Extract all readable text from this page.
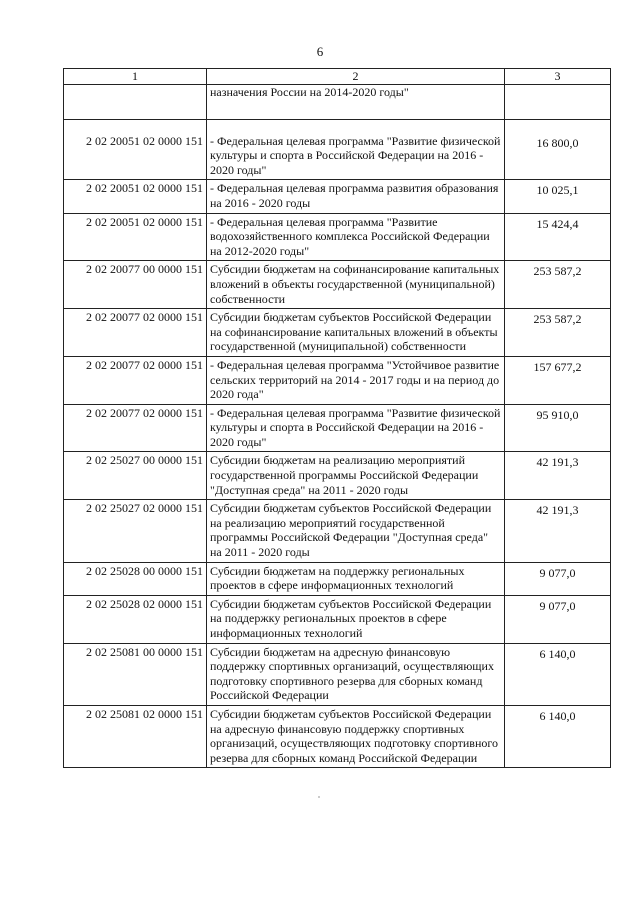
6
1	2	3
	назначения России на 2014-2020 годы"	
2 02 20051 02 0000 151	- Федеральная целевая программа "Развитие физической культуры и спорта в Российской Федерации на 2016 - 2020 годы"	16 800,0
2 02 20051 02 0000 151	- Федеральная целевая программа развития образования на 2016 - 2020 годы	10 025,1
2 02 20051 02 0000 151	- Федеральная целевая программа "Развитие водохозяйственного комплекса Российской Федерации на 2012-2020 годы"	15 424,4
2 02 20077 00 0000 151	Субсидии бюджетам на софинансирование капитальных вложений в объекты государственной (муниципальной) собственности	253 587,2
2 02 20077 02 0000 151	Субсидии бюджетам субъектов Российской Федерации на софинансирование капитальных вложений в объекты государственной (муниципальной) собственности	253 587,2
2 02 20077 02 0000 151	- Федеральная целевая программа "Устойчивое развитие сельских территорий на 2014 - 2017 годы и на период до 2020 года"	157 677,2
2 02 20077 02 0000 151	- Федеральная целевая программа "Развитие физической культуры и спорта в Российской Федерации на 2016 - 2020 годы"	95 910,0
2 02 25027 00 0000 151	Субсидии бюджетам на реализацию мероприятий государственной программы Российской Федерации "Доступная среда" на 2011 - 2020 годы	42 191,3
2 02 25027 02 0000 151	Субсидии бюджетам субъектов Российской Федерации на реализацию мероприятий государственной программы Российской Федерации "Доступная среда" на 2011 - 2020 годы	42 191,3
2 02 25028 00 0000 151	Субсидии бюджетам на поддержку региональных проектов в сфере информационных технологий	9 077,0
2 02 25028 02 0000 151	Субсидии бюджетам субъектов Российской Федерации на поддержку региональных проектов в сфере информационных технологий	9 077,0
2 02 25081 00 0000 151	Субсидии бюджетам на адресную финансовую поддержку спортивных организаций, осуществляющих подготовку спортивного резерва для сборных команд Российской Федерации	6 140,0
2 02 25081 02 0000 151	Субсидии бюджетам субъектов Российской Федерации на адресную финансовую поддержку спортивных организаций, осуществляющих подготовку спортивного резерва для сборных команд Российской Федерации	6 140,0
